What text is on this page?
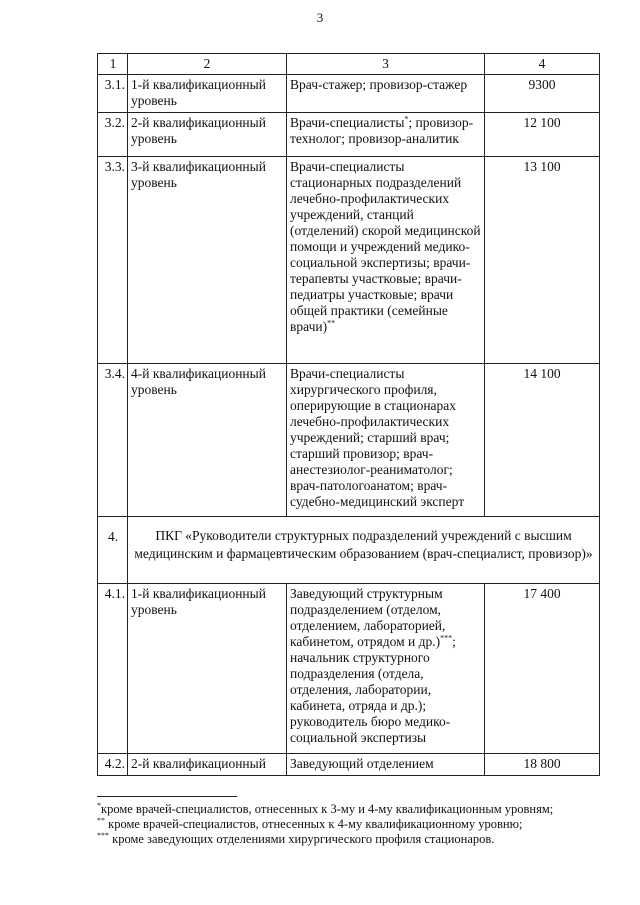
3
1	2	3	4
3.1.	1-й квалификационный уровень	Врач-стажер; провизор-стажер	9300
3.2.	2-й квалификационный уровень	Врачи-специалисты*; провизор-технолог; провизор-аналитик	12 100
3.3.	3-й квалификационный уровень	Врачи-специалисты стационарных подразделений лечебно-профилактических учреждений, станций (отделений) скорой медицинской помощи и учреждений медико-социальной экспертизы; врачи-терапевты участковые; врачи-педиатры участковые; врачи общей практики (семейные врачи)**	13 100
3.4.	4-й квалификационный уровень	Врачи-специалисты хирургического профиля, оперирующие в стационарах лечебно-профилактических учреждений; старший врач; старший провизор; врач-анестезиолог-реаниматолог; врач-патологоанатом; врач-судебно-медицинский эксперт	14 100
4.	ПКГ «Руководители структурных подразделений учреждений с высшим медицинским и фармацевтическим образованием (врач-специалист, провизор)»		
4.1.	1-й квалификационный уровень	Заведующий структурным подразделением (отделом, отделением, лабораторией, кабинетом, отрядом и др.)***; начальник структурного подразделения (отдела, отделения, лаборатории, кабинета, отряда и др.); руководитель бюро медико-социальной экспертизы	17 400
4.2.	2-й квалификационный	Заведующий отделением	18 800

*кроме врачей-специалистов, отнесенных к 3-му и 4-му квалификационным уровням;

** кроме врачей-специалистов, отнесенных к 4-му квалификационному уровню;

*** кроме заведующих отделениями хирургического профиля стационаров.
